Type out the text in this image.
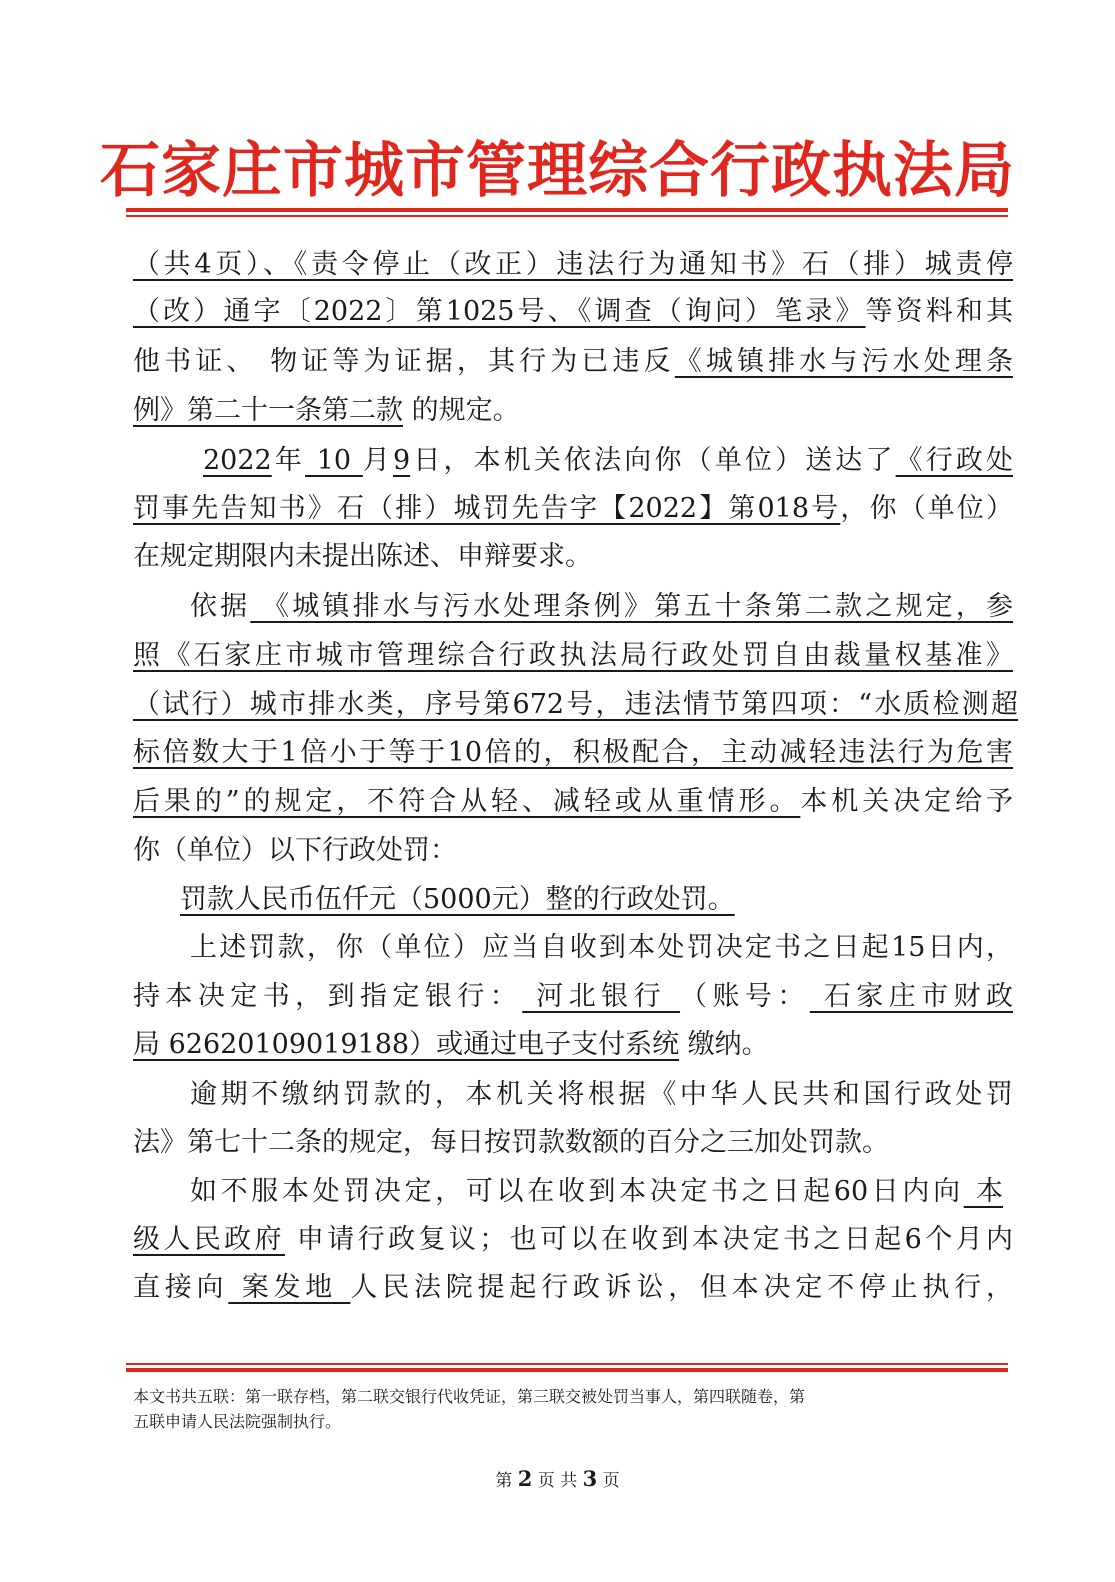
石家庄市城市管理综合行政执法局
（共4页）、《责令停止（改正）违法行为通知书》石（排）城责停
（改）通字〔2022〕第1025号、《调查（询问）笔录》等资料和其
他书证、 物证等为证据，其行为已违反《城镇排水与污水处理条
例》第二十一条第二款 的规定。
2022年 10 月9日，本机关依法向你（单位）送达了《行政处
罚事先告知书》石（排）城罚先告字【2022】第018号，你（单位）
在规定期限内未提出陈述、申辩要求。
依据 《城镇排水与污水处理条例》第五十条第二款之规定，参
照《石家庄市城市管理综合行政执法局行政处罚自由裁量权基准》
（试行）城市排水类，序号第672号，违法情节第四项：“水质检测超
标倍数大于1倍小于等于10倍的，积极配合，主动减轻违法行为危害
后果的”的规定，不符合从轻、减轻或从重情形。本机关决定给予
你（单位）以下行政处罚：
罚款人民币伍仟元（5000元）整的行政处罚。
上述罚款，你（单位）应当自收到本处罚决定书之日起15日内，
持本决定书，到指定银行： 河北银行 （账号： 石家庄市财政
局 62620109019188）或通过电子支付系统 缴纳。
逾期不缴纳罚款的，本机关将根据《中华人民共和国行政处罚
法》第七十二条的规定，每日按罚款数额的百分之三加处罚款。
如不服本处罚决定，可以在收到本决定书之日起60日内向 本
级人民政府 申请行政复议；也可以在收到本决定书之日起6个月内
直接向 案发地 人民法院提起行政诉讼，但本决定不停止执行，
本文书共五联：第一联存档，第二联交银行代收凭证，第三联交被处罚当事人，第四联随卷，第
五联申请人民法院强制执行。
第 2 页 共 3 页
